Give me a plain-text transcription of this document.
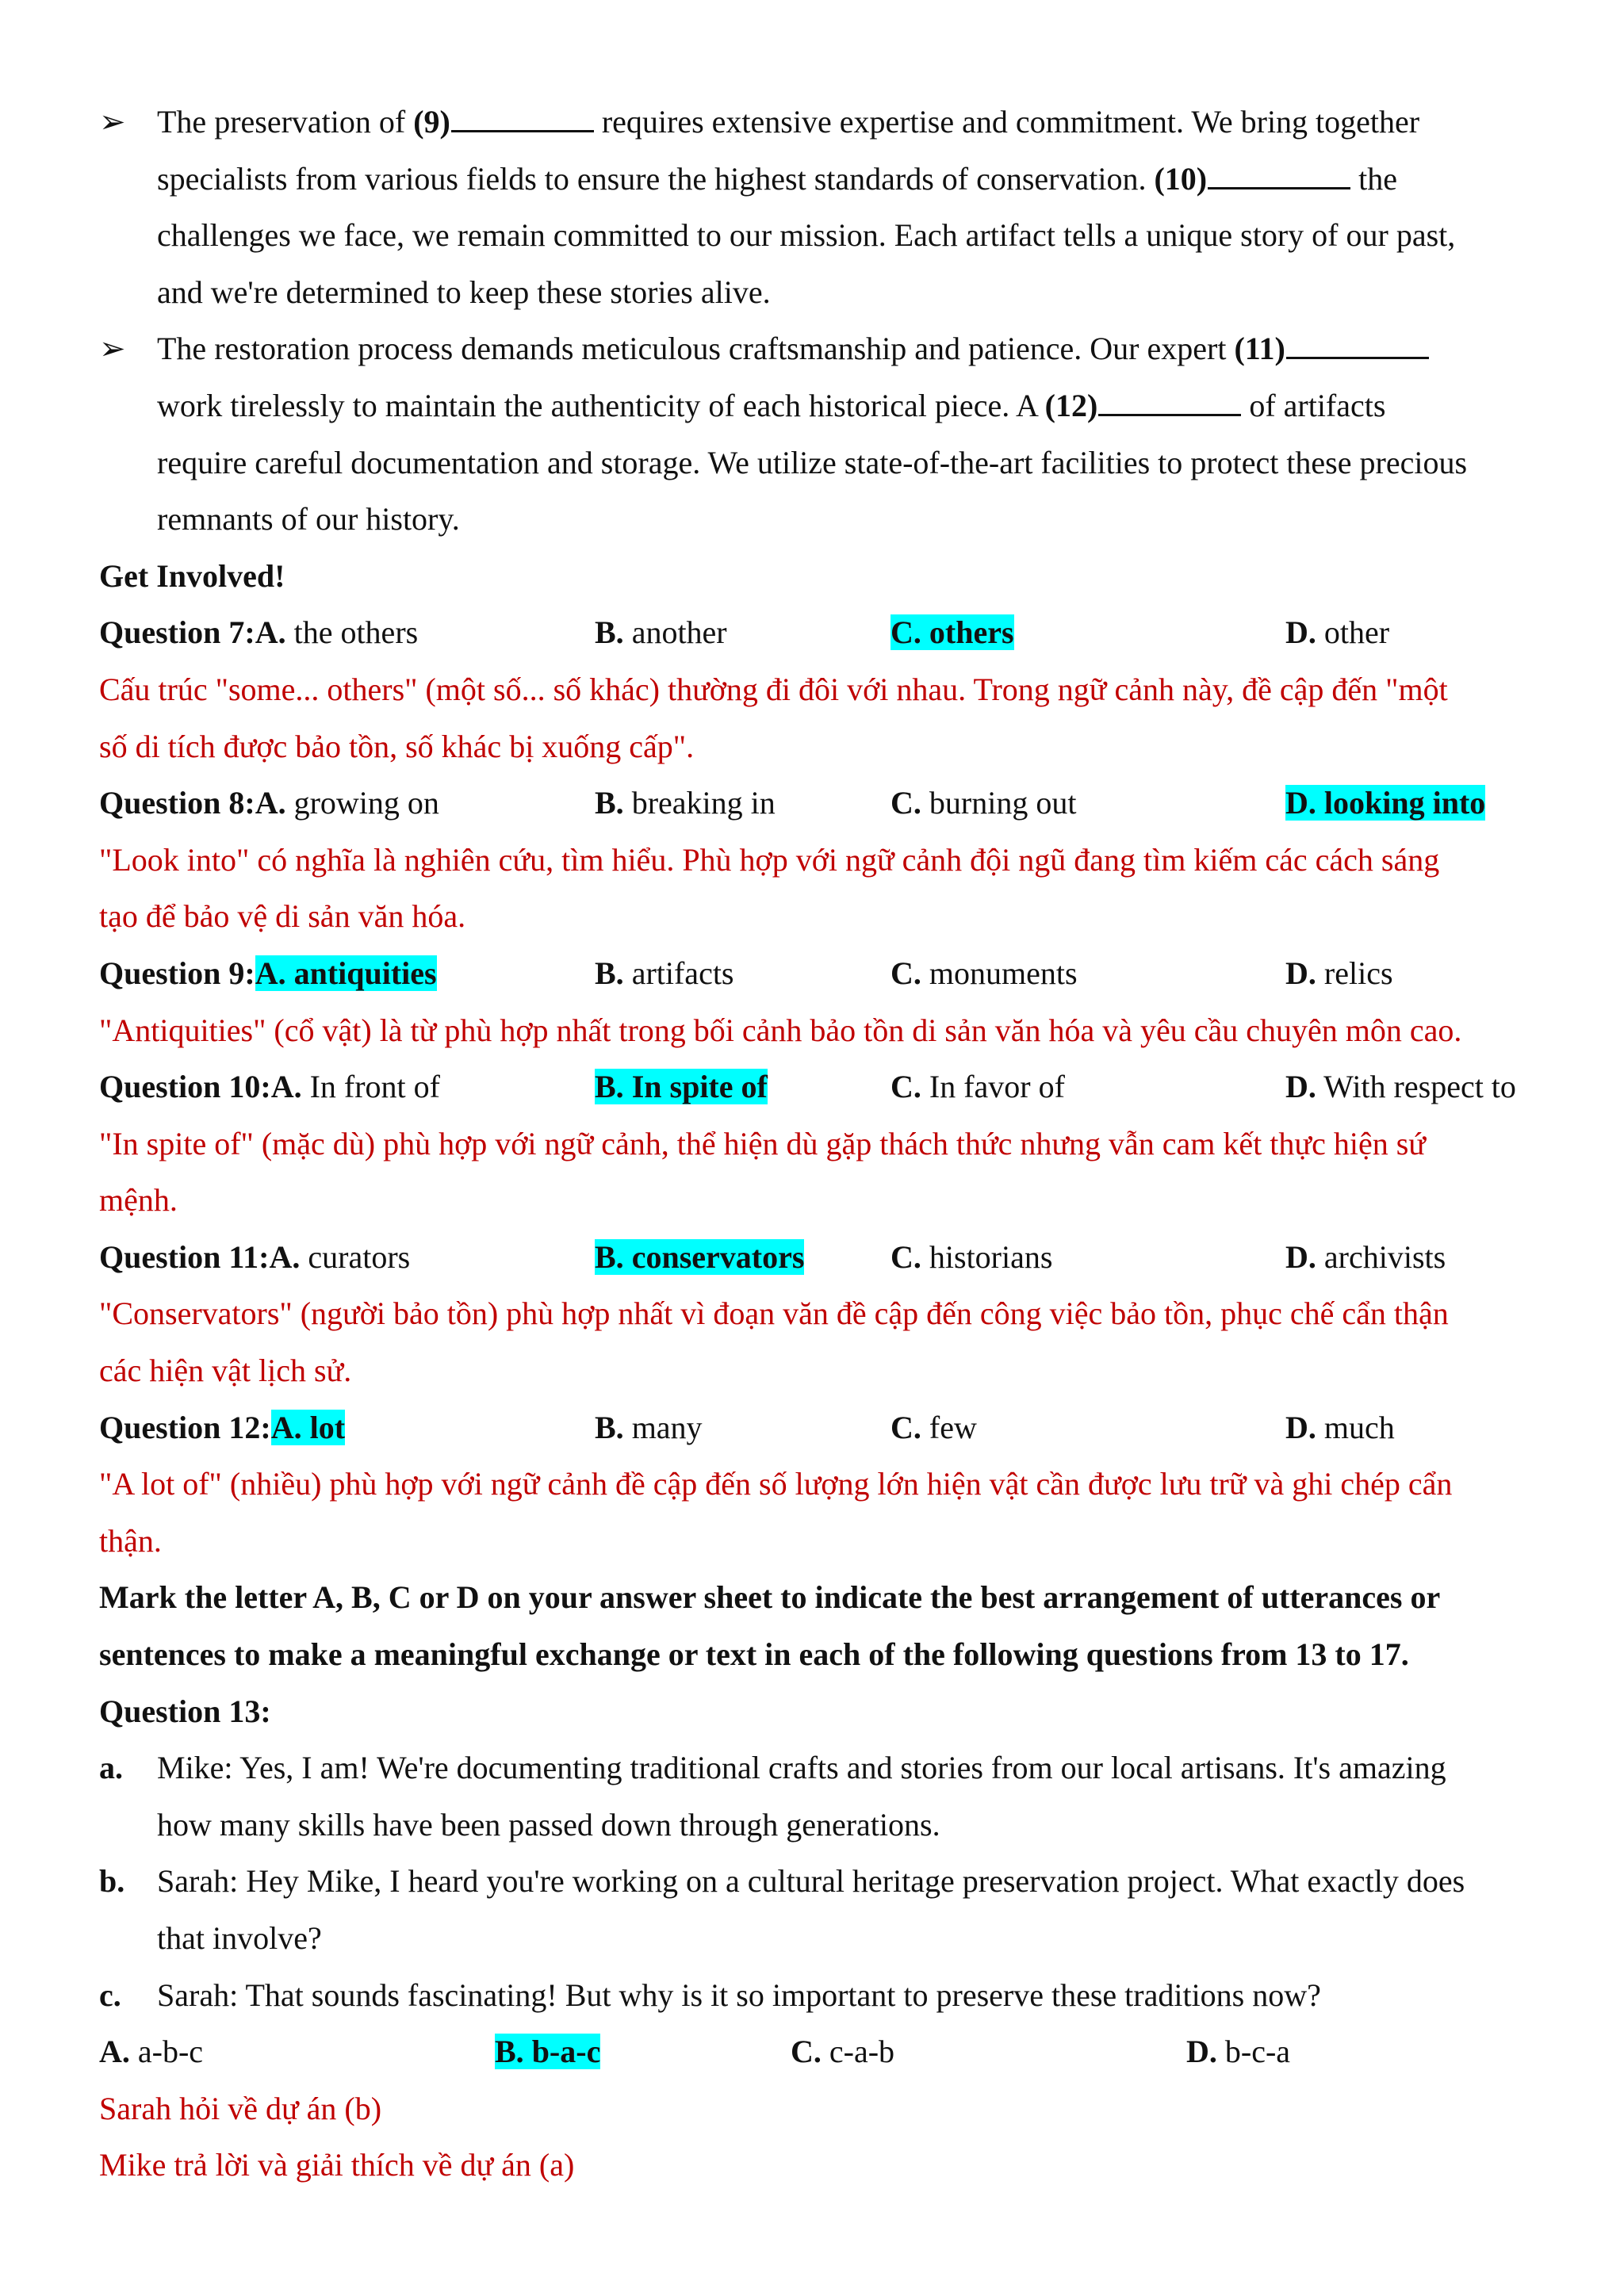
➢ The preservation of (9)	requires extensive expertise and commitment. We bring together
specialists from various fields to ensure the highest standards of conservation. (10)	the
challenges we face, we remain committed to our mission. Each artifact tells a unique story of our past,
and we're determined to keep these stories alive.
➢ The restoration process demands meticulous craftsmanship and patience. Our expert (11)
work tirelessly to maintain the authenticity of each historical piece. A (12)	of artifacts
require careful documentation and storage. We utilize state-of-the-art facilities to protect these precious
remnants of our history.
Get Involved!
Question 7:A. the others	B. another	C. others	D. other
Cấu trúc "some... others" (một số... số khác) thường đi đôi với nhau. Trong ngữ cảnh này, đề cập đến "một
số di tích được bảo tồn, số khác bị xuống cấp".
Question 8:A. growing on	B. breaking in	C. burning out	D. looking into
"Look into" có nghĩa là nghiên cứu, tìm hiểu. Phù hợp với ngữ cảnh đội ngũ đang tìm kiếm các cách sáng
tạo để bảo vệ di sản văn hóa.
Question 9:A. antiquities	B. artifacts	C. monuments	D. relics
"Antiquities" (cổ vật) là từ phù hợp nhất trong bối cảnh bảo tồn di sản văn hóa và yêu cầu chuyên môn cao.
Question 10:A. In front of	B. In spite of	C. In favor of	D. With respect to
"In spite of" (mặc dù) phù hợp với ngữ cảnh, thể hiện dù gặp thách thức nhưng vẫn cam kết thực hiện sứ
mệnh.
Question 11:A. curators	B. conservators	C. historians	D. archivists
"Conservators" (người bảo tồn) phù hợp nhất vì đoạn văn đề cập đến công việc bảo tồn, phục chế cẩn thận
các hiện vật lịch sử.
Question 12:A. lot	B. many	C. few	D. much
"A lot of" (nhiều) phù hợp với ngữ cảnh đề cập đến số lượng lớn hiện vật cần được lưu trữ và ghi chép cẩn
thận.
Mark the letter A, B, C or D on your answer sheet to indicate the best arrangement of utterances or
sentences to make a meaningful exchange or text in each of the following questions from 13 to 17.
Question 13:
a. Mike: Yes, I am! We're documenting traditional crafts and stories from our local artisans. It's amazing
how many skills have been passed down through generations.
b. Sarah: Hey Mike, I heard you're working on a cultural heritage preservation project. What exactly does
that involve?
c. Sarah: That sounds fascinating! But why is it so important to preserve these traditions now?
A. a-b-c	B. b-a-c	C. c-a-b	D. b-c-a
Sarah hỏi về dự án (b)
Mike trả lời và giải thích về dự án (a)
